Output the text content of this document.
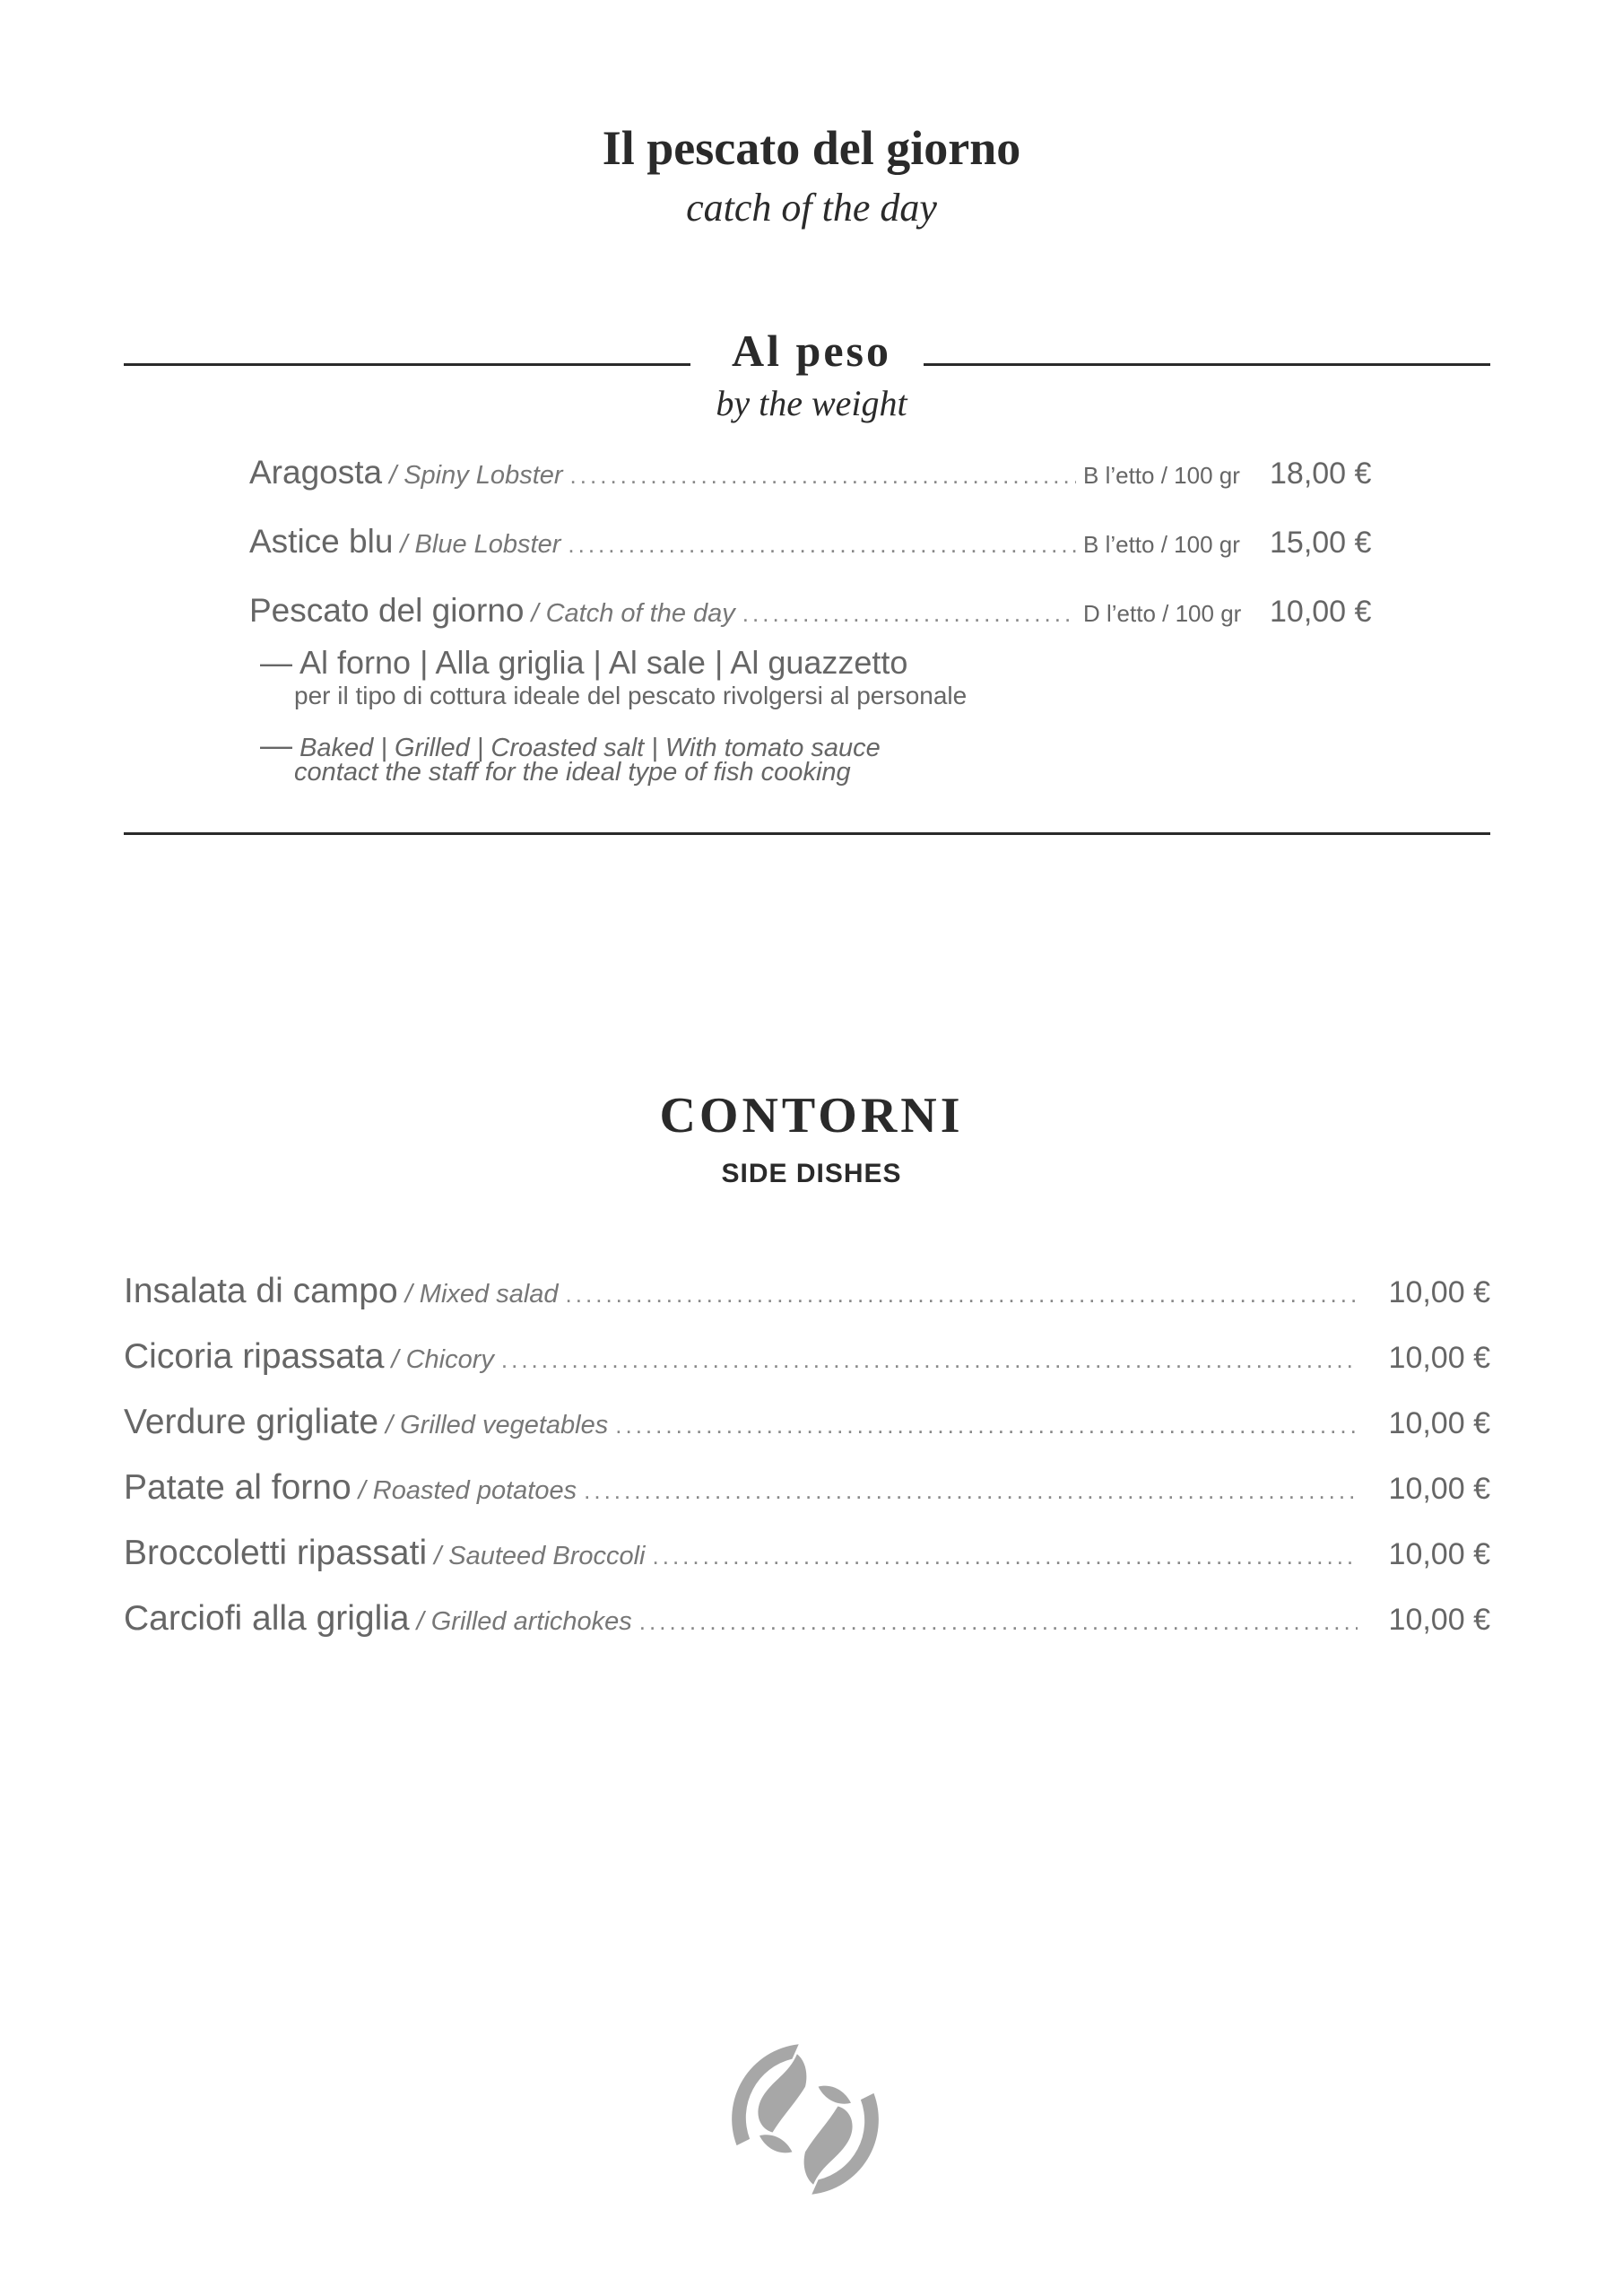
Il pescato del giorno
catch of the day
Al peso
by the weight
Aragosta / Spiny Lobster .....	B l’etto / 100 gr 18,00 €
Astice blu / Blue Lobster .....	B l’etto / 100 gr 15,00 €
Pescato del giorno / Catch of the day .....	D l’etto / 100 gr 10,00 €
— Al forno | Alla griglia | Al sale | Al guazzetto
per il tipo di cottura ideale del pescato rivolgersi al personale
— Baked | Grilled | Croasted salt | With tomato sauce
contact the staff for the ideal type of fish cooking
CONTORNI
SIDE DISHES
Insalata di campo / Mixed salad .....	10,00 €
Cicoria ripassata / Chicory .....	10,00 €
Verdure grigliate / Grilled vegetables .....	10,00 €
Patate al forno / Roasted potatoes .....	10,00 €
Broccoletti ripassati / Sauteed Broccoli .....	10,00 €
Carciofi alla griglia / Grilled artichokes .....	10,00 €
